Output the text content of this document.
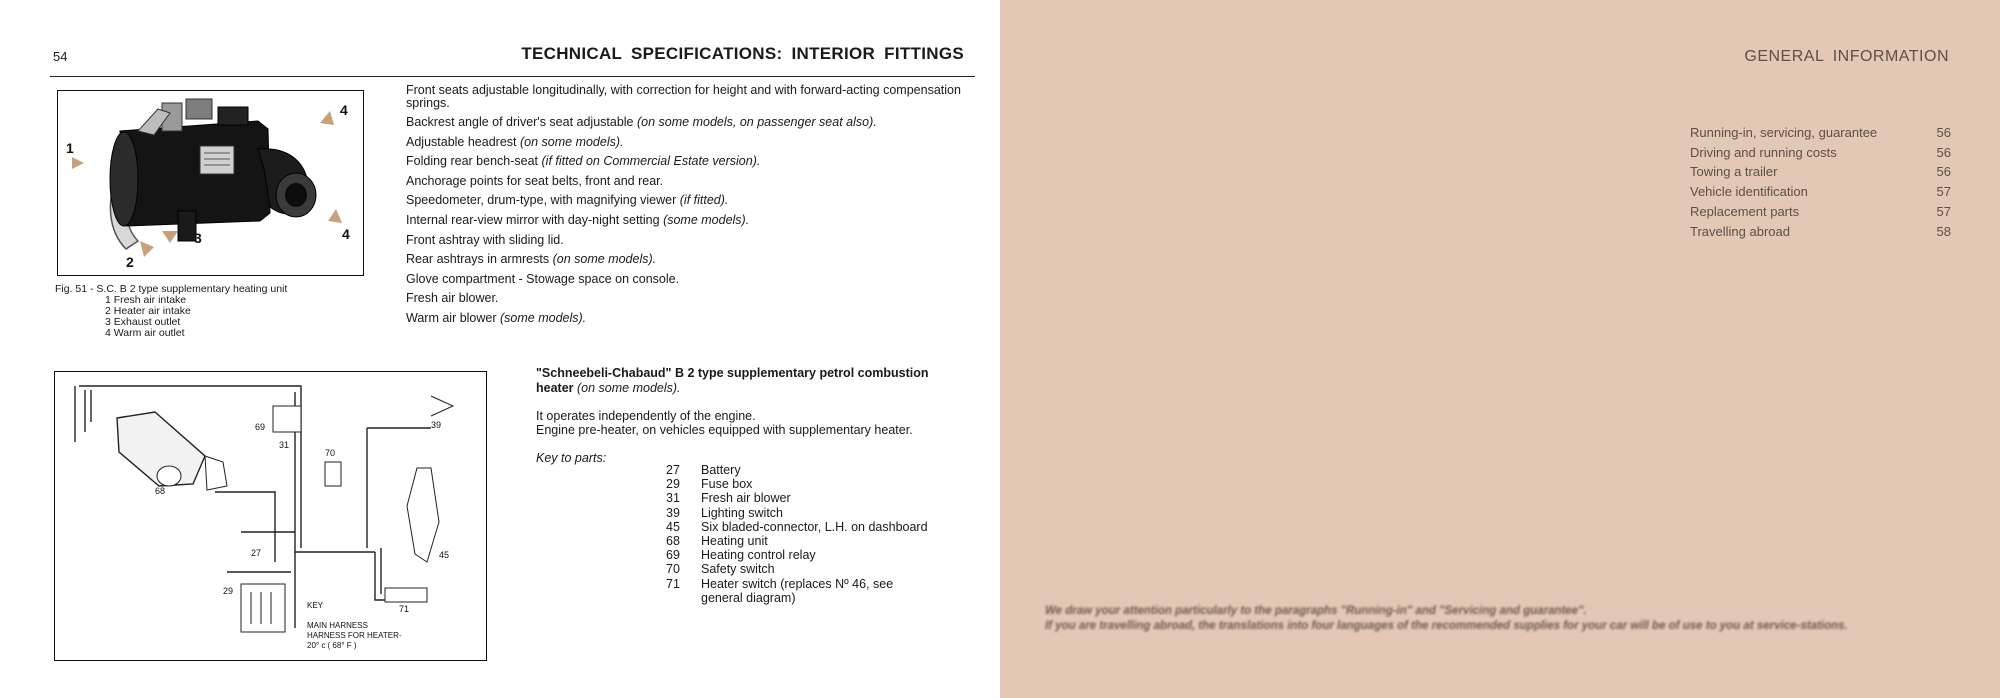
54	TECHNICAL SPECIFICATIONS: INTERIOR FITTINGS
1
2
3
4
4
Fig. 51 - S.C. B 2 type supplementary heating unit
1 Fresh air intake
2 Heater air intake
3 Exhaust outlet
4 Warm air outlet
Front seats adjustable longitudinally, with correction for height and with forward-acting compensation springs.
Backrest angle of driver's seat adjustable (on some models, on passenger seat also).
Adjustable headrest (on some models).
Folding rear bench-seat (if fitted on Commercial Estate version).
Anchorage points for seat belts, front and rear.
Speedometer, drum-type, with magnifying viewer (if fitted).
Internal rear-view mirror with day-night setting (some models).
Front ashtray with sliding lid.
Rear ashtrays in armrests (on some models).
Glove compartment - Stowage space on console.
Fresh air blower.
Warm air blower (some models).
69
31
70
39
68
27
29
45
71
KEY
MAIN HARNESS
HARNESS FOR HEATER-
20° c ( 68° F )
"Schneebeli-Chabaud" B 2 type supplementary petrol combustion heater (on some models).
It operates independently of the engine.
Engine pre-heater, on vehicles equipped with supplementary heater.
Key to parts:
27	Battery
29	Fuse box
31	Fresh air blower
39	Lighting switch
45	Six bladed-connector, L.H. on dashboard
68	Heating unit
69	Heating control relay
70	Safety switch
71	Heater switch (replaces Nº 46, see general diagram)
GENERAL INFORMATION
Running-in, servicing, guarantee	56
Driving and running costs	56
Towing a trailer	56
Vehicle identification	57
Replacement parts	57
Travelling abroad	58
We draw your attention particularly to the paragraphs "Running-in" and "Servicing and guarantee".
If you are travelling abroad, the translations into four languages of the recommended supplies for your car will be of use to you at service-stations.
